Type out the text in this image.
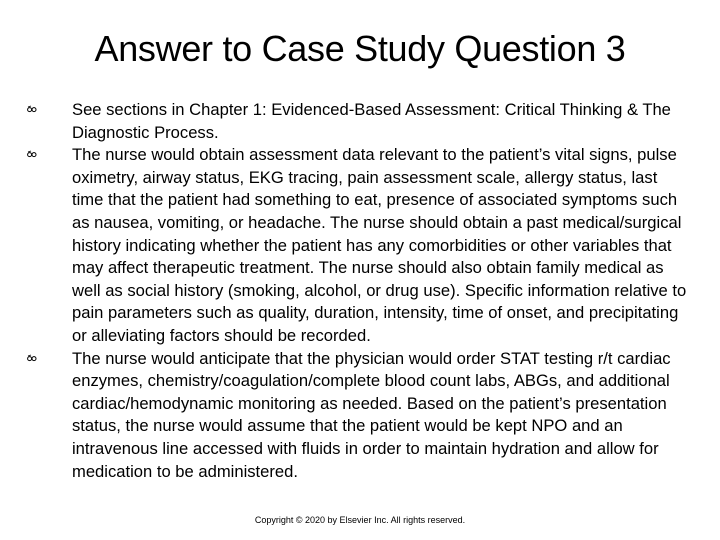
Answer to Case Study Question 3
See sections in Chapter 1: Evidenced-Based Assessment: Critical Thinking & The Diagnostic Process.
The nurse would obtain assessment data relevant to the patient’s vital signs, pulse oximetry, airway status, EKG tracing, pain assessment scale, allergy status, last time that the patient had something to eat, presence of associated symptoms such as nausea, vomiting, or headache. The nurse should obtain a past medical/surgical history indicating whether the patient has any comorbidities or other variables that may affect therapeutic treatment. The nurse should also obtain family medical as well as social history (smoking, alcohol, or drug use). Specific information relative to pain parameters such as quality, duration, intensity, time of onset, and precipitating or alleviating factors should be recorded.
The nurse would anticipate that the physician would order STAT testing r/t cardiac enzymes, chemistry/coagulation/complete blood count labs, ABGs, and additional cardiac/hemodynamic monitoring as needed. Based on the patient’s presentation status, the nurse would assume that the patient would be kept NPO and an intravenous line accessed with fluids in order to maintain hydration and allow for medication to be administered.
Copyright © 2020 by Elsevier Inc. All rights reserved.
